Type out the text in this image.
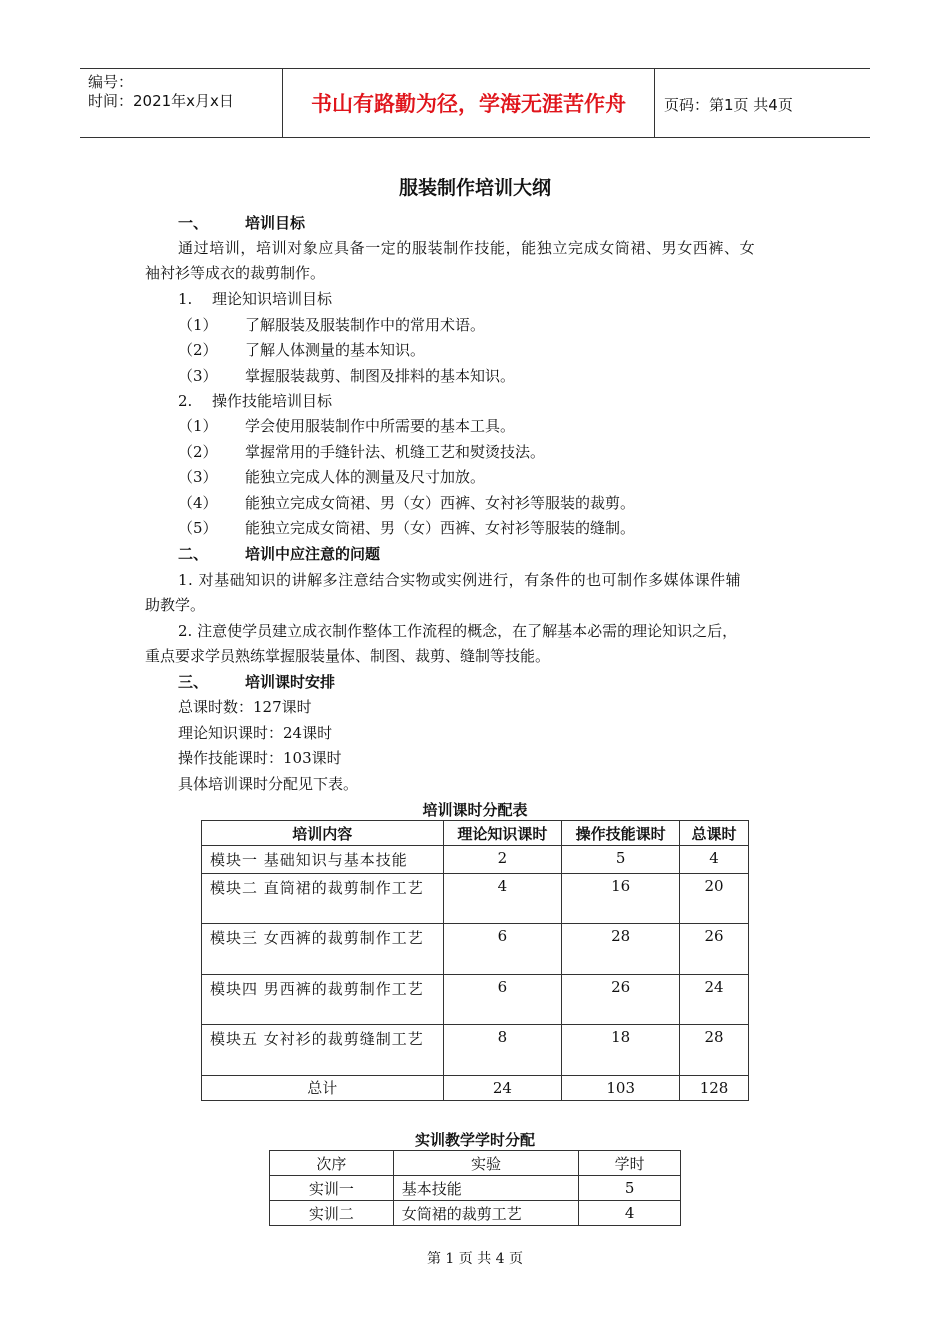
编号：
时间：2021年x月x日	书山有路勤为径，学海无涯苦作舟	页码：第1页 共4页
服装制作培训大纲
一、 培训目标
通过培训，培训对象应具备一定的服装制作技能，能独立完成女筒裙、男女西裤、女
袖衬衫等成衣的裁剪制作。
1. 理论知识培训目标
（1） 了解服装及服装制作中的常用术语。
（2） 了解人体测量的基本知识。
（3） 掌握服装裁剪、制图及排料的基本知识。
2. 操作技能培训目标
（1） 学会使用服装制作中所需要的基本工具。
（2） 掌握常用的手缝针法、机缝工艺和熨烫技法。
（3） 能独立完成人体的测量及尺寸加放。
（4） 能独立完成女筒裙、男（女）西裤、女衬衫等服装的裁剪。
（5） 能独立完成女筒裙、男（女）西裤、女衬衫等服装的缝制。
二、 培训中应注意的问题
1. 对基础知识的讲解多注意结合实物或实例进行，有条件的也可制作多媒体课件辅
助教学。
2. 注意使学员建立成衣制作整体工作流程的概念，在了解基本必需的理论知识之后，
重点要求学员熟练掌握服装量体、制图、裁剪、缝制等技能。
三、 培训课时安排
总课时数：127课时
理论知识课时：24课时
操作技能课时：103课时
具体培训课时分配见下表。
培训课时分配表
培训内容	理论知识课时	操作技能课时	总课时
模块一 基础知识与基本技能	2	5	4
模块二 直筒裙的裁剪制作工艺	4	16	20
模块三 女西裤的裁剪制作工艺	6	28	26
模块四 男西裤的裁剪制作工艺	6	26	24
模块五 女衬衫的裁剪缝制工艺	8	18	28
总计	24	103	128
实训教学学时分配
次序	实验	学时
实训一	基本技能	5
实训二	女筒裙的裁剪工艺	4
第 1 页 共 4 页
